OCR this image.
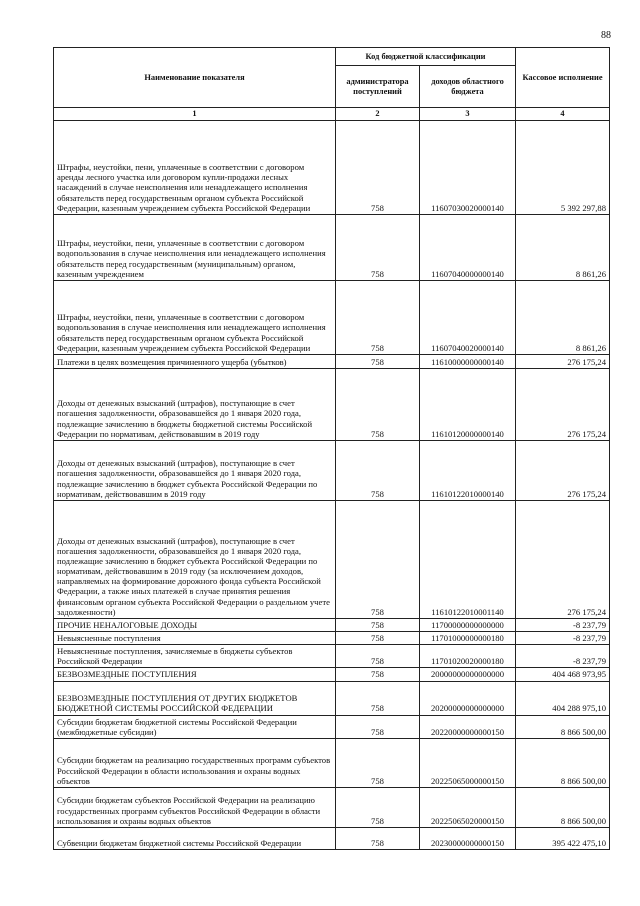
88
Наименование показателя	Код бюджетной классификации		Кассовое исполнение
	администратора поступлений	доходов областного бюджета	
1	2	3	4
Штрафы, неустойки, пени, уплаченные в соответствии с договором аренды лесного участка или договором купли-продажи лесных насаждений в случае неисполнения или ненадлежащего исполнения обязательств перед государственным органом субъекта Российской Федерации, казенным учреждением субъекта Российской Федерации	758	11607030020000140	5 392 297,88
Штрафы, неустойки, пени, уплаченные в соответствии с договором водопользования в случае неисполнения или ненадлежащего исполнения обязательств перед государственным (муниципальным) органом, казенным учреждением	758	11607040000000140	8 861,26
Штрафы, неустойки, пени, уплаченные в соответствии с договором водопользования в случае неисполнения или ненадлежащего исполнения обязательств перед государственным органом субъекта Российской Федерации, казенным учреждением субъекта Российской Федерации	758	11607040020000140	8 861,26
Платежи в целях возмещения причиненного ущерба (убытков)	758	11610000000000140	276 175,24
Доходы от денежных взысканий (штрафов), поступающие в счет погашения задолженности, образовавшейся до 1 января 2020 года, подлежащие зачислению в бюджеты бюджетной системы Российской Федерации по нормативам, действовавшим в 2019 году	758	11610120000000140	276 175,24
Доходы от денежных взысканий (штрафов), поступающие в счет погашения задолженности, образовавшейся до 1 января 2020 года, подлежащие зачислению в бюджет субъекта Российской Федерации по нормативам, действовавшим в 2019 году	758	11610122010000140	276 175,24
Доходы от денежных взысканий (штрафов), поступающие в счет погашения задолженности, образовавшейся до 1 января 2020 года, подлежащие зачислению в бюджет субъекта Российской Федерации по нормативам, действовавшим в 2019 году (за исключением доходов, направляемых на формирование дорожного фонда субъекта Российской Федерации, а также иных платежей в случае принятия решения финансовым органом субъекта Российской Федерации о раздельном учете задолженности)	758	11610122010001140	276 175,24
ПРОЧИЕ НЕНАЛОГОВЫЕ ДОХОДЫ	758	11700000000000000	-8 237,79
Невыясненные поступления	758	11701000000000180	-8 237,79
Невыясненные поступления, зачисляемые в бюджеты субъектов Российской Федерации	758	11701020020000180	-8 237,79
БЕЗВОЗМЕЗДНЫЕ ПОСТУПЛЕНИЯ	758	20000000000000000	404 468 973,95
БЕЗВОЗМЕЗДНЫЕ ПОСТУПЛЕНИЯ ОТ ДРУГИХ БЮДЖЕТОВ БЮДЖЕТНОЙ СИСТЕМЫ РОССИЙСКОЙ ФЕДЕРАЦИИ	758	20200000000000000	404 288 975,10
Субсидии бюджетам бюджетной системы Российской Федерации (межбюджетные субсидии)	758	20220000000000150	8 866 500,00
Субсидии бюджетам на реализацию государственных программ субъектов Российской Федерации в области использования и охраны водных объектов	758	20225065000000150	8 866 500,00
Субсидии бюджетам субъектов Российской Федерации на реализацию государственных программ субъектов Российской Федерации в области использования и охраны водных объектов	758	20225065020000150	8 866 500,00
Субвенции бюджетам бюджетной системы Российской Федерации	758	20230000000000150	395 422 475,10
